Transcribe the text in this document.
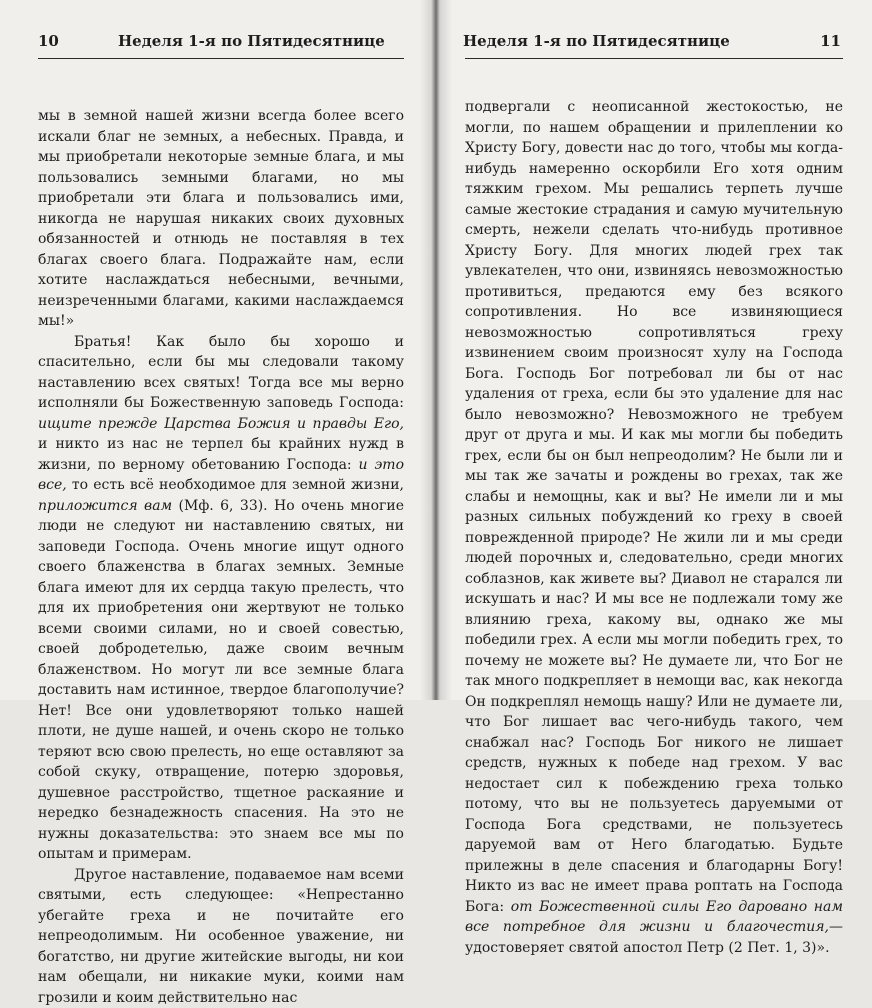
10	Неделя 1-я по Пятидесятнице

мы в земной нашей жизни всегда более всего искали благ не земных, а небесных. Правда, и мы приобретали некоторые земные блага, и мы пользовались земными благами, но мы приобретали эти блага и пользовались ими, никогда не нарушая никаких своих духовных обязанностей и отнюдь не поставляя в тех благах своего блага. Подражайте нам, если хотите наслаждаться небесными, вечными, неизреченными благами, какими наслаждаемся мы!»

Братья! Как было бы хорошо и спасительно, если бы мы следовали такому наставлению всех святых! Тогда все мы верно исполняли бы Божественную заповедь Господа: ищите прежде Царства Божия и правды Его, и никто из нас не терпел бы крайних нужд в жизни, по верному обетованию Господа: и это все, то есть всё необходимое для земной жизни, приложится вам (Мф. 6, 33). Но очень многие люди не следуют ни наставлению святых, ни заповеди Господа. Очень многие ищут одного своего блаженства в благах земных. Земные блага имеют для их сердца такую прелесть, что для их приобретения они жертвуют не только всеми своими силами, но и своей совестью, своей добродетелью, даже своим вечным блаженством. Но могут ли все земные блага доставить нам истинное, твердое благополучие? Нет! Все они удовлетворяют только нашей плоти, не душе нашей, и очень скоро не только теряют всю свою прелесть, но еще оставляют за собой скуку, отвращение, потерю здоровья, душевное расстройство, тщетное раскаяние и нередко безнадежность спасения. На это не нужны доказательства: это знаем все мы по опытам и примерам.

Другое наставление, подаваемое нам всеми святыми, есть следующее: «Непрестанно убегайте греха и не почитайте его непреодолимым. Ни особенное уважение, ни богатство, ни другие житейские выгоды, ни кои нам обещали, ни никакие муки, коими нам грозили и коим действительно нас

Неделя 1-я по Пятидесятнице	11

подвергали с неописанной жестокостью, не могли, по нашем обращении и прилеплении ко Христу Богу, довести нас до того, чтобы мы когда-нибудь намеренно оскорбили Его хотя одним тяжким грехом. Мы решались терпеть лучше самые жестокие страдания и самую мучительную смерть, нежели сделать что-нибудь противное Христу Богу. Для многих людей грех так увлекателен, что они, извиняясь невозможностью противиться, предаются ему без всякого сопротивления. Но все извиняющиеся невозможностью сопротивляться греху извинением своим произносят хулу на Господа Бога. Господь Бог потребовал ли бы от нас удаления от греха, если бы это удаление для нас было невозможно? Невозможного не требуем друг от друга и мы. И как мы могли бы победить грех, если бы он был непреодолим? Не были ли и мы так же зачаты и рождены во грехах, так же слабы и немощны, как и вы? Не имели ли и мы разных сильных побуждений ко греху в своей поврежденной природе? Не жили ли и мы среди людей порочных и, следовательно, среди многих соблазнов, как живете вы? Диавол не старался ли искушать и нас? И мы все не подлежали тому же влиянию греха, какому вы, однако же мы победили грех. А если мы могли победить грех, то почему не можете вы? Не думаете ли, что Бог не так много подкрепляет в немощи вас, как некогда Он подкреплял немощь нашу? Или не думаете ли, что Бог лишает вас чего-нибудь такого, чем снабжал нас? Господь Бог никого не лишает средств, нужных к победе над грехом. У вас недостает сил к побеждению греха только потому, что вы не пользуетесь даруемыми от Господа Бога средствами, не пользуетесь даруемой вам от Него благодатью. Будьте прилежны в деле спасения и благодарны Богу! Никто из вас не имеет права роптать на Господа Бога: от Божественной силы Его даровано нам все потребное для жизни и благочестия,— удостоверяет святой апостол Петр (2 Пет. 1, 3)».
